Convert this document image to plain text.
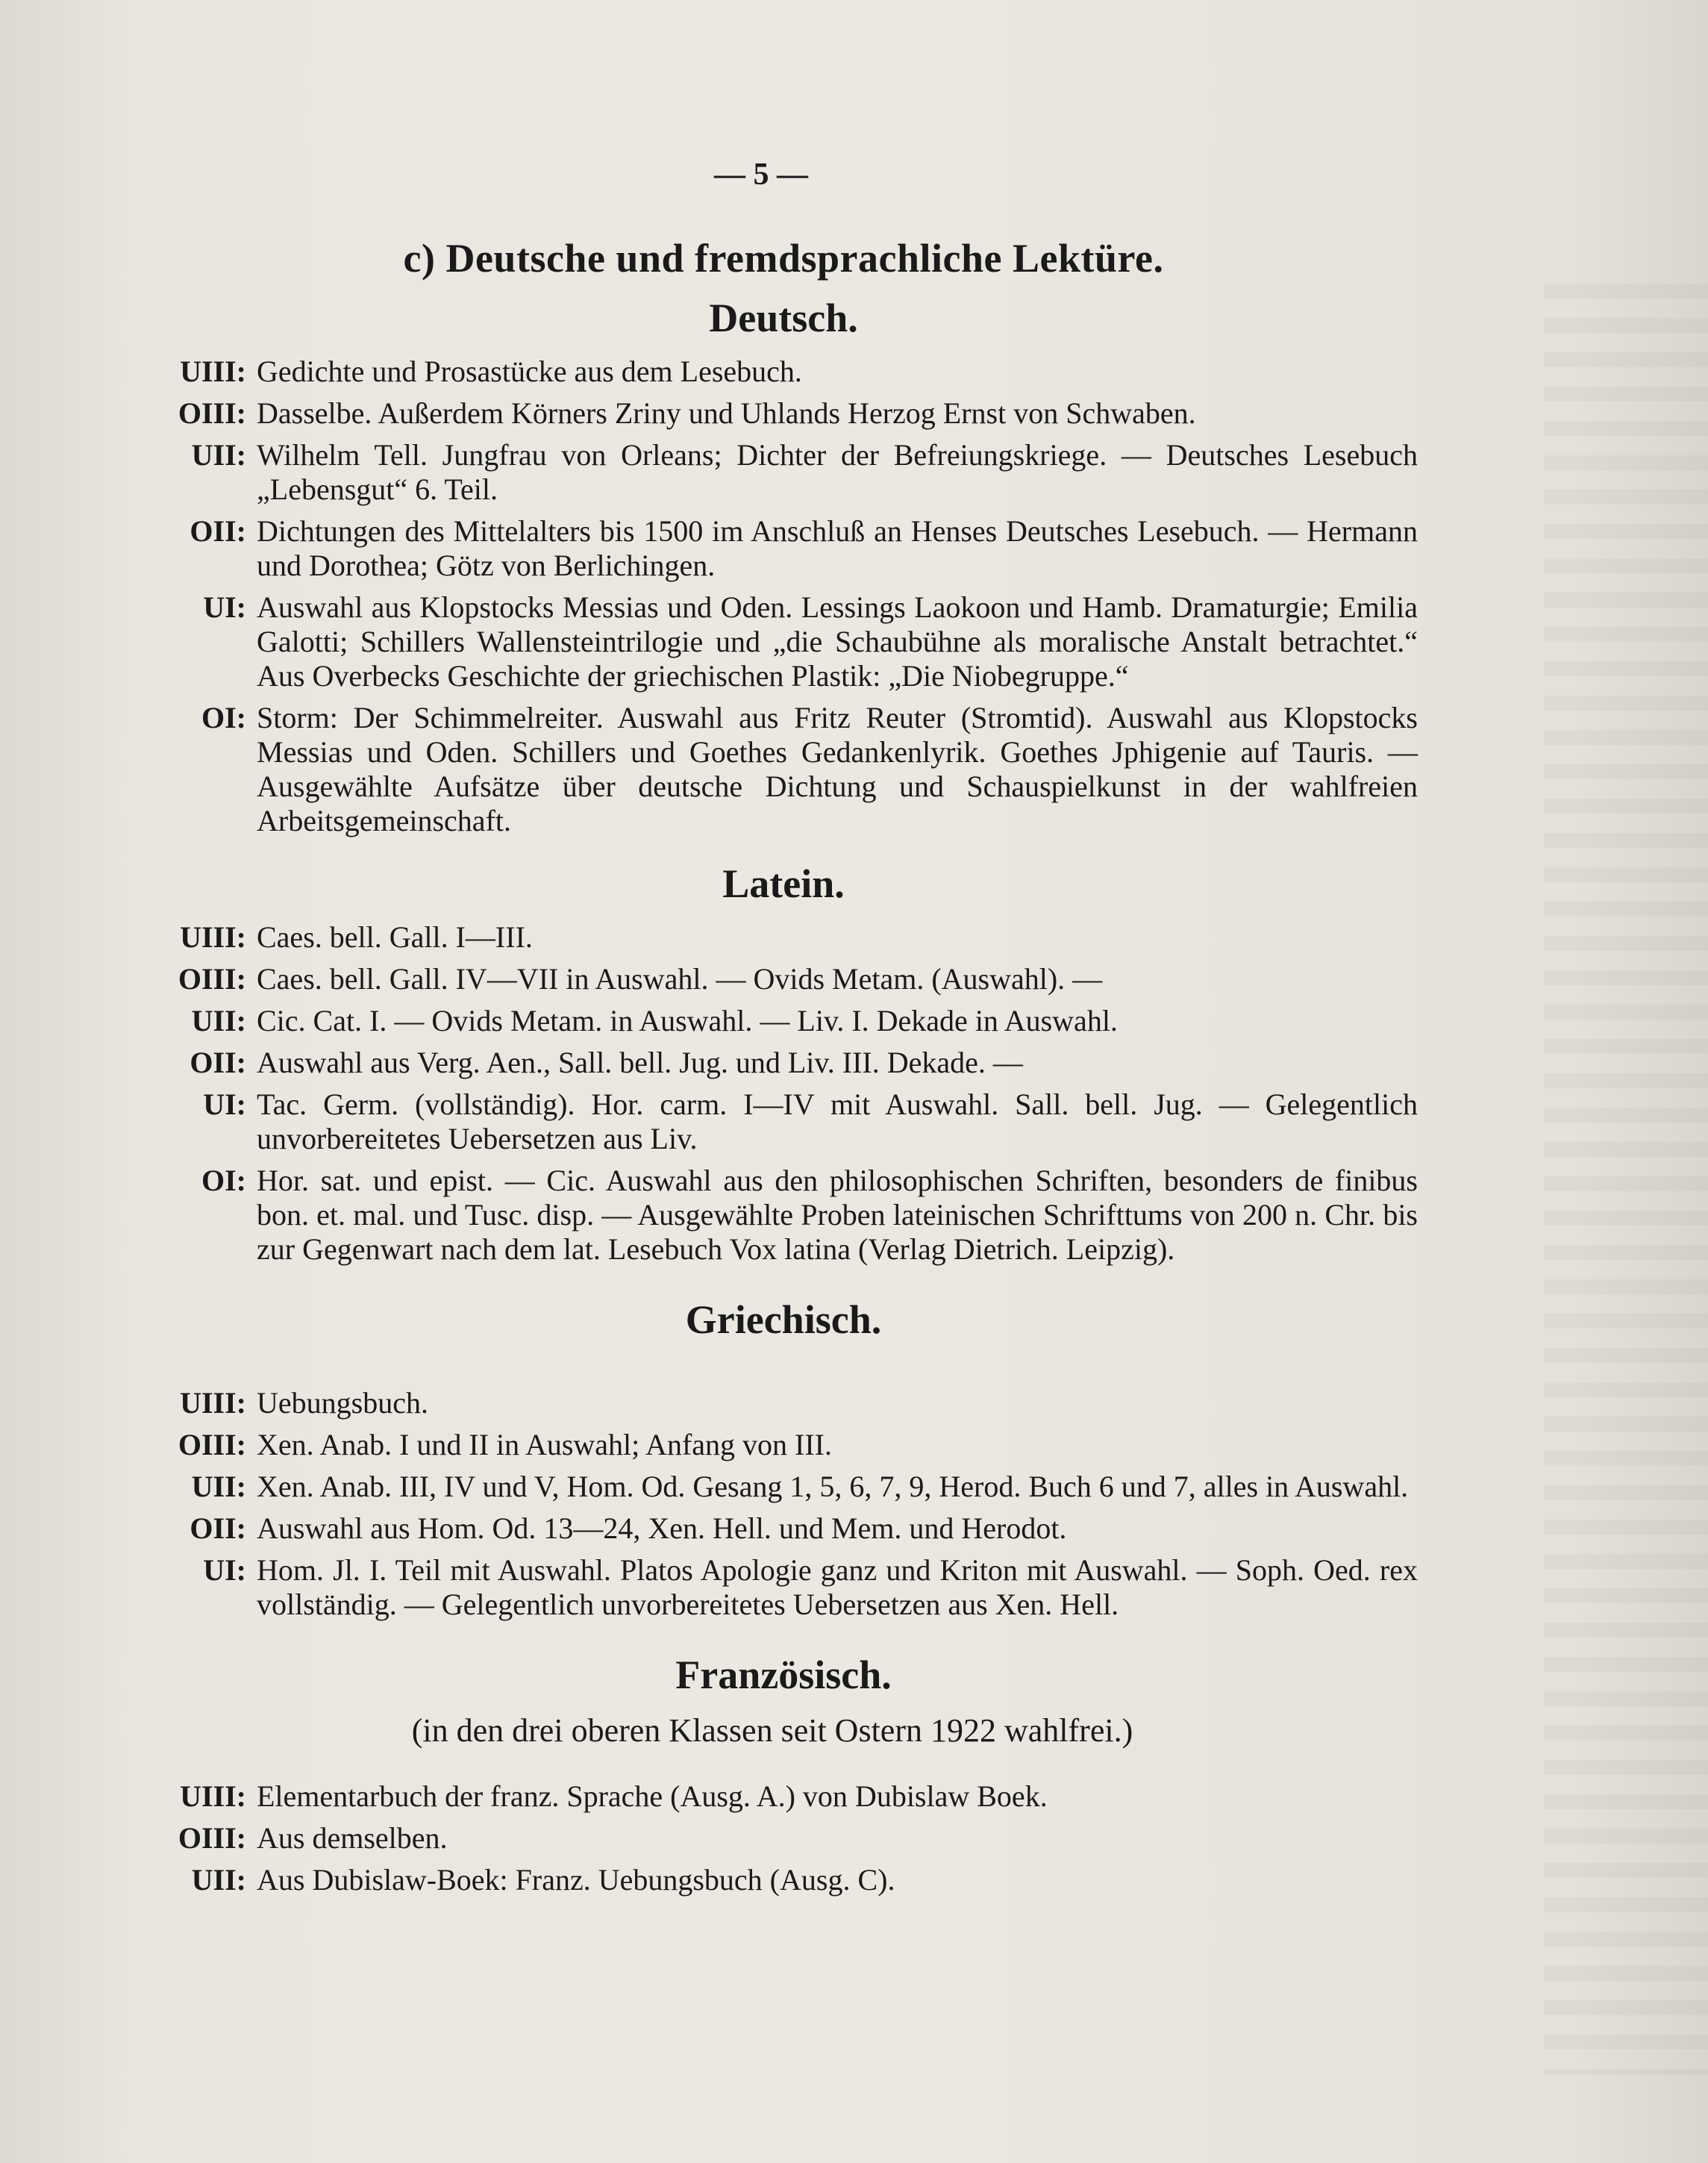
— 5 —
c) Deutsche und fremdsprachliche Lektüre.
Deutsch.
UIII: Gedichte und Prosastücke aus dem Lesebuch.
OIII: Dasselbe. Außerdem Körners Zriny und Uhlands Herzog Ernst von Schwaben.
UII: Wilhelm Tell. Jungfrau von Orleans; Dichter der Befreiungskriege. — Deutsches Lesebuch „Lebensgut“ 6. Teil.
OII: Dichtungen des Mittelalters bis 1500 im Anschluß an Henses Deutsches Lesebuch. — Hermann und Dorothea; Götz von Berlichingen.
UI: Auswahl aus Klopstocks Messias und Oden. Lessings Laokoon und Hamb. Dramaturgie; Emilia Galotti; Schillers Wallensteintrilogie und „die Schaubühne als moralische Anstalt betrachtet.“ Aus Overbecks Geschichte der griechischen Plastik: „Die Niobegruppe.“
OI: Storm: Der Schimmelreiter. Auswahl aus Fritz Reuter (Stromtid). Auswahl aus Klopstocks Messias und Oden. Schillers und Goethes Gedankenlyrik. Goethes Jphigenie auf Tauris. — Ausgewählte Aufsätze über deutsche Dichtung und Schauspielkunst in der wahlfreien Arbeitsgemeinschaft.
Latein.
UIII: Caes. bell. Gall. I—III.
OIII: Caes. bell. Gall. IV—VII in Auswahl. — Ovids Metam. (Auswahl). —
UII: Cic. Cat. I. — Ovids Metam. in Auswahl. — Liv. I. Dekade in Auswahl.
OII: Auswahl aus Verg. Aen., Sall. bell. Jug. und Liv. III. Dekade. —
UI: Tac. Germ. (vollständig). Hor. carm. I—IV mit Auswahl. Sall. bell. Jug. — Gelegentlich unvorbereitetes Uebersetzen aus Liv.
OI: Hor. sat. und epist. — Cic. Auswahl aus den philosophischen Schriften, besonders de finibus bon. et. mal. und Tusc. disp. — Ausgewählte Proben lateinischen Schrifttums von 200 n. Chr. bis zur Gegenwart nach dem lat. Lesebuch Vox latina (Verlag Dietrich. Leipzig).
Griechisch.
UIII: Uebungsbuch.
OIII: Xen. Anab. I und II in Auswahl; Anfang von III.
UII: Xen. Anab. III, IV und V, Hom. Od. Gesang 1, 5, 6, 7, 9, Herod. Buch 6 und 7, alles in Auswahl.
OII: Auswahl aus Hom. Od. 13—24, Xen. Hell. und Mem. und Herodot.
UI: Hom. Jl. I. Teil mit Auswahl. Platos Apologie ganz und Kriton mit Auswahl. — Soph. Oed. rex vollständig. — Gelegentlich unvorbereitetes Uebersetzen aus Xen. Hell.
Französisch.
(in den drei oberen Klassen seit Ostern 1922 wahlfrei.)
UIII: Elementarbuch der franz. Sprache (Ausg. A.) von Dubislaw Boek.
OIII: Aus demselben.
UII: Aus Dubislaw-Boek: Franz. Uebungsbuch (Ausg. C).
